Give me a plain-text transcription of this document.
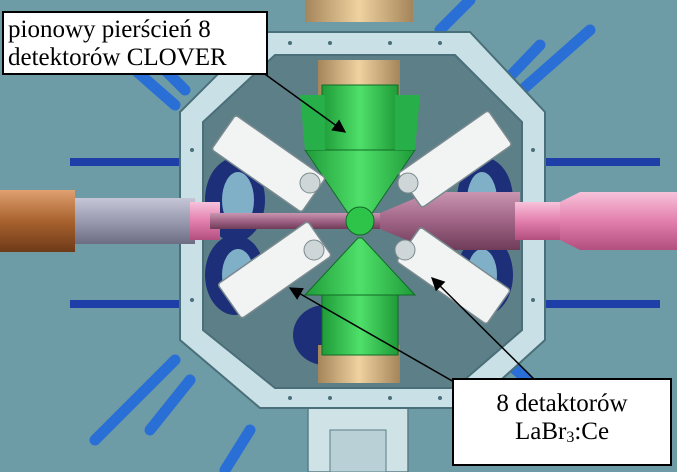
pionowy pierścień 8
detektorów CLOVER
8 detaktorów
LaBr$_3$:Ce
